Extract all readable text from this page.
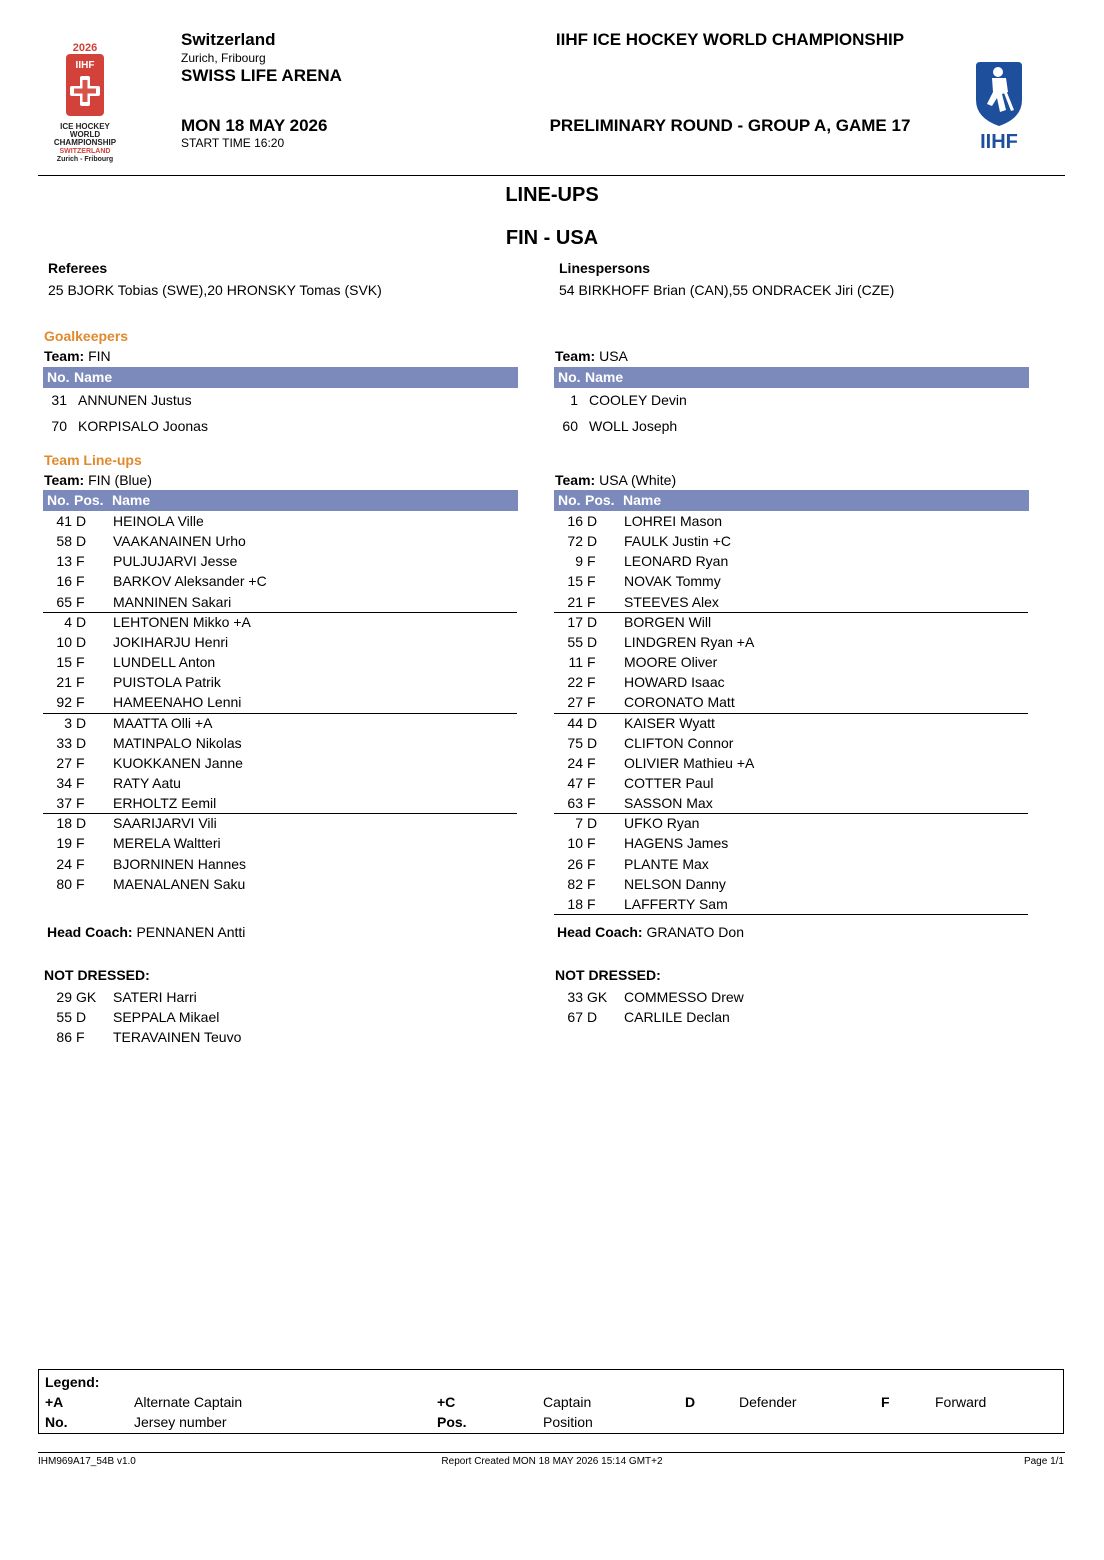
2026
IIHF
ICE HOCKEY
WORLD
CHAMPIONSHIP
SWITZERLAND
Zurich - Fribourg
Switzerland
Zurich, Fribourg
SWISS LIFE ARENA
MON 18 MAY 2026
START TIME 16:20
IIHF ICE HOCKEY WORLD CHAMPIONSHIP
PRELIMINARY ROUND - GROUP A, GAME 17
IIHF
LINE-UPS
FIN - USA
Referees
25 BJORK Tobias (SWE),20 HRONSKY Tomas (SVK)
Linespersons
54 BIRKHOFF Brian (CAN),55 ONDRACEK Jiri (CZE)
Goalkeepers
Team: FIN
No. Name
31 ANNUNEN Justus
70 KORPISALO Joonas
Team: USA
No. Name
1 COOLEY Devin
60 WOLL Joseph
Team Line-ups
Team: FIN (Blue)
No. Pos. Name
41 D HEINOLA Ville
58 D VAAKANAINEN Urho
13 F PULJUJARVI Jesse
16 F BARKOV Aleksander +C
65 F MANNINEN Sakari
4 D LEHTONEN Mikko +A
10 D JOKIHARJU Henri
15 F LUNDELL Anton
21 F PUISTOLA Patrik
92 F HAMEENAHO Lenni
3 D MAATTA Olli +A
33 D MATINPALO Nikolas
27 F KUOKKANEN Janne
34 F RATY Aatu
37 F ERHOLTZ Eemil
18 D SAARIJARVI Vili
19 F MERELA Waltteri
24 F BJORNINEN Hannes
80 F MAENALANEN Saku
Team: USA (White)
No. Pos. Name
16 D LOHREI Mason
72 D FAULK Justin +C
9 F LEONARD Ryan
15 F NOVAK Tommy
21 F STEEVES Alex
17 D BORGEN Will
55 D LINDGREN Ryan +A
11 F MOORE Oliver
22 F HOWARD Isaac
27 F CORONATO Matt
44 D KAISER Wyatt
75 D CLIFTON Connor
24 F OLIVIER Mathieu +A
47 F COTTER Paul
63 F SASSON Max
7 D UFKO Ryan
10 F HAGENS James
26 F PLANTE Max
82 F NELSON Danny
18 F LAFFERTY Sam
Head Coach: PENNANEN Antti	Head Coach: GRANATO Don
NOT DRESSED:	NOT DRESSED:
29 GK SATERI Harri
55 D SEPPALA Mikael
86 F TERAVAINEN Teuvo
33 GK COMMESSO Drew
67 D CARLILE Declan
Legend:
+A	Alternate Captain	+C	Captain	D	Defender	F	Forward
No.	Jersey number	Pos.	Position
IHM969A17_54B v1.0	Report Created MON 18 MAY 2026 15:14 GMT+2	Page 1/1
